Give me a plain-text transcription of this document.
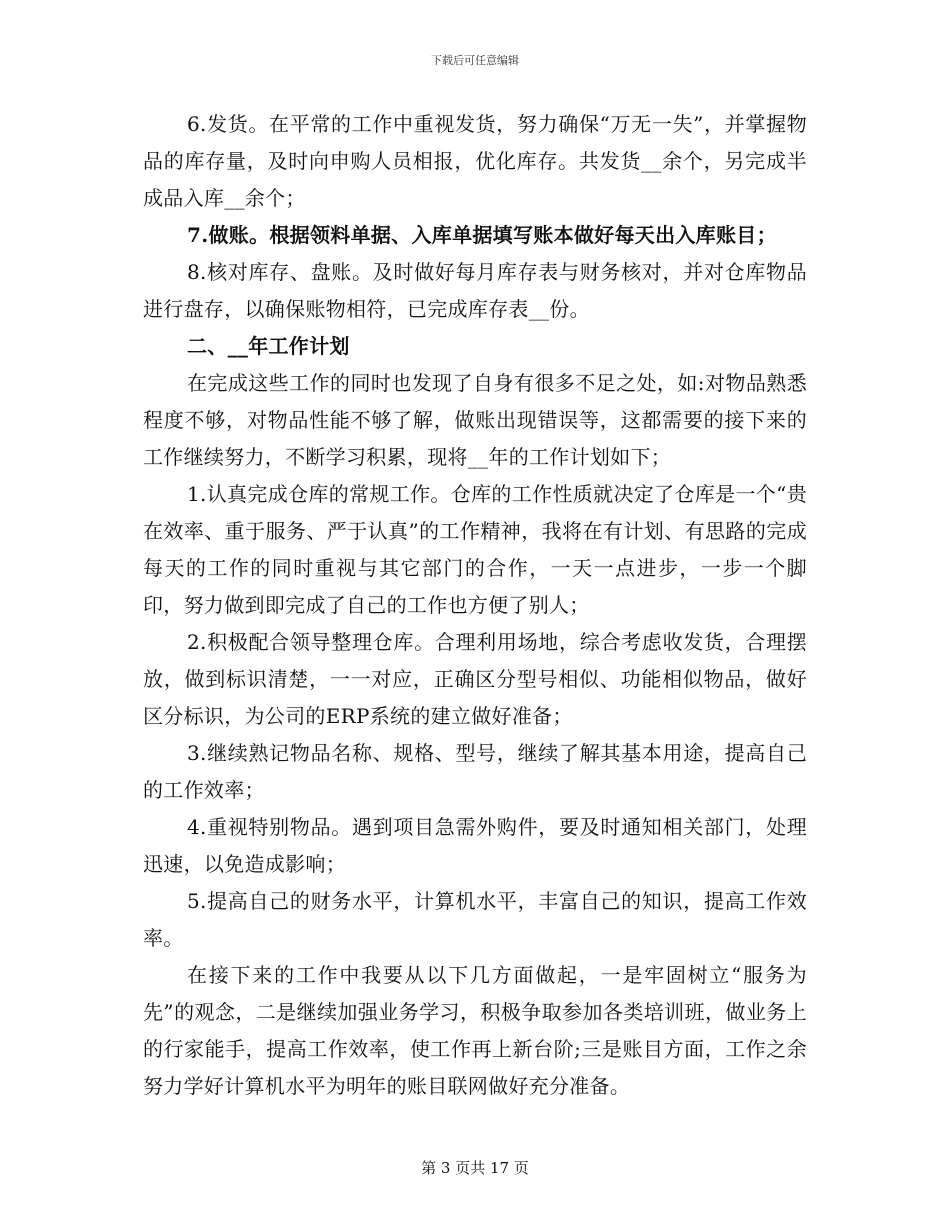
下载后可任意编辑

6.发货。在平常的工作中重视发货，努力确保“万无一失”，并掌握物品的库存量，及时向申购人员相报，优化库存。共发货__余个，另完成半成品入库__余个；

7.做账。根据领料单据、入库单据填写账本做好每天出入库账目；

8.核对库存、盘账。及时做好每月库存表与财务核对，并对仓库物品进行盘存，以确保账物相符，已完成库存表__份。

二、__年工作计划

在完成这些工作的同时也发现了自身有很多不足之处，如:对物品熟悉程度不够，对物品性能不够了解，做账出现错误等，这都需要的接下来的工作继续努力，不断学习积累，现将__年的工作计划如下；

1.认真完成仓库的常规工作。仓库的工作性质就决定了仓库是一个“贵在效率、重于服务、严于认真”的工作精神，我将在有计划、有思路的完成每天的工作的同时重视与其它部门的合作，一天一点进步，一步一个脚印，努力做到即完成了自己的工作也方便了别人；

2.积极配合领导整理仓库。合理利用场地，综合考虑收发货，合理摆放，做到标识清楚，一一对应，正确区分型号相似、功能相似物品，做好区分标识，为公司的ERP系统的建立做好准备；

3.继续熟记物品名称、规格、型号，继续了解其基本用途，提高自己的工作效率；

4.重视特别物品。遇到项目急需外购件，要及时通知相关部门，处理迅速，以免造成影响；

5.提高自己的财务水平，计算机水平，丰富自己的知识，提高工作效率。

在接下来的工作中我要从以下几方面做起，一是牢固树立“服务为先”的观念，二是继续加强业务学习，积极争取参加各类培训班，做业务上的行家能手，提高工作效率，使工作再上新台阶;三是账目方面，工作之余努力学好计算机水平为明年的账目联网做好充分准备。

第 3 页共 17 页
